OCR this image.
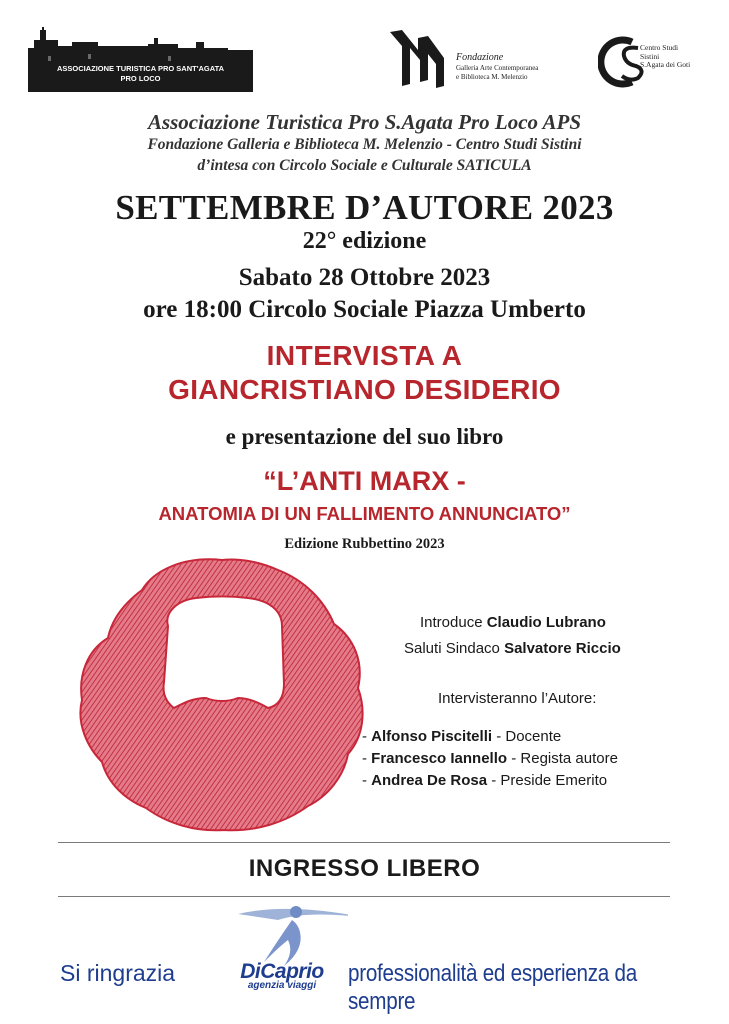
ASSOCIAZIONE TURISTICA PRO SANT'AGATA
PRO LOCO
Fondazione
Galleria Arte Contemporanea
e Biblioteca M. Melenzio
Centro Studi
Sistini
S.Agata dei Goti
Associazione Turistica Pro S.Agata Pro Loco APS
Fondazione Galleria e Biblioteca M. Melenzio - Centro Studi Sistini
d’intesa con Circolo Sociale e Culturale SATICULA
SETTEMBRE D’AUTORE 2023
22° edizione
Sabato 28 Ottobre 2023
ore 18:00 Circolo Sociale Piazza Umberto
INTERVISTA A
GIANCRISTIANO DESIDERIO
e presentazione del suo libro
“L’ANTI MARX -
ANATOMIA DI UN FALLIMENTO ANNUNCIATO”
Edizione Rubbettino 2023
Introduce Claudio Lubrano
Saluti Sindaco Salvatore Riccio
Intervisteranno l’Autore:
- Alfonso Piscitelli - Docente
- Francesco Iannello - Regista autore
- Andrea De Rosa - Preside Emerito
INGRESSO LIBERO
Si ringrazia	DiCaprio
agenzia viaggi	professionalità ed esperienza da sempre
